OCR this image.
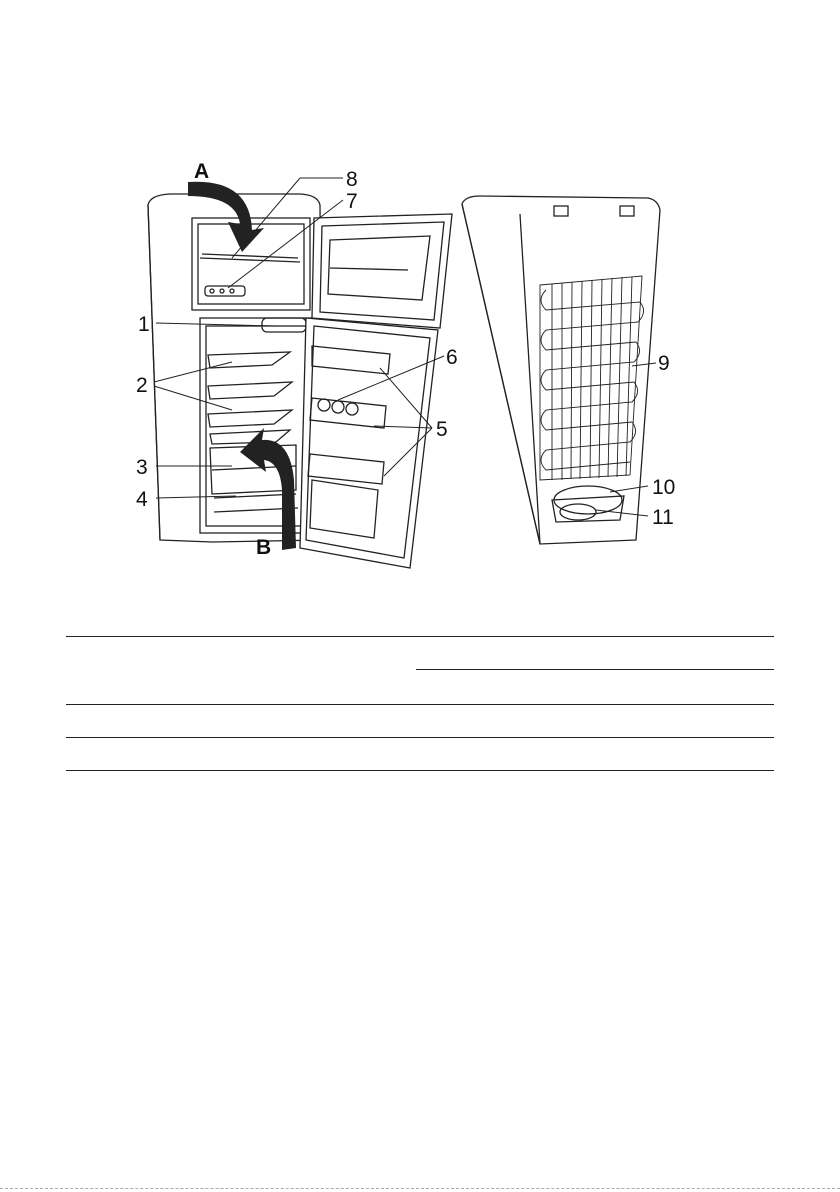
A
B
1
2
3
4
5
6
7
8
9
10
11
